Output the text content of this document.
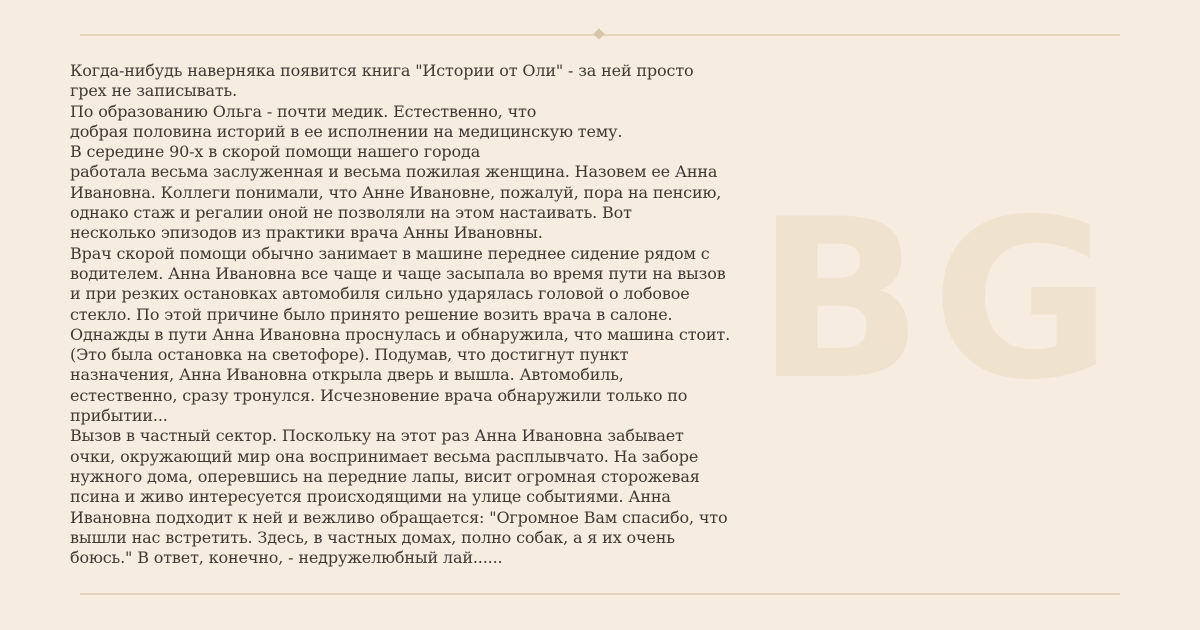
BG
Когда-нибудь наверняка появится книга "Истории от Оли" - за ней просто
грех не записывать.
По образованию Ольга - почти медик. Естественно, что
добрая половина историй в ее исполнении на медицинскую тему.
В середине 90-х в скорой помощи нашего города
работала весьма заслуженная и весьма пожилая женщина. Назовем ее Анна
Ивановна. Коллеги понимали, что Анне Ивановне, пожалуй, пора на пенсию,
однако стаж и регалии оной не позволяли на этом настаивать. Вот
несколько эпизодов из практики врача Анны Ивановны.
Врач скорой помощи обычно занимает в машине переднее сидение рядом с
водителем. Анна Ивановна все чаще и чаще засыпала во время пути на вызов
и при резких остановках автомобиля сильно ударялась головой о лобовое
стекло. По этой причине было принято решение возить врача в салоне.
Однажды в пути Анна Ивановна проснулась и обнаружила, что машина стоит.
(Это была остановка на светофоре). Подумав, что достигнут пункт
назначения, Анна Ивановна открыла дверь и вышла. Автомобиль,
естественно, сразу тронулся. Исчезновение врача обнаружили только по
прибытии...
Вызов в частный сектор. Поскольку на этот раз Анна Ивановна забывает
очки, окружающий мир она воспринимает весьма расплывчато. На заборе
нужного дома, оперевшись на передние лапы, висит огромная сторожевая
псина и живо интересуется происходящими на улице событиями. Анна
Ивановна подходит к ней и вежливо обращается: "Огромное Вам спасибо, что
вышли нас встретить. Здесь, в частных домах, полно собак, а я их очень
боюсь." В ответ, конечно, - недружелюбный лай......
